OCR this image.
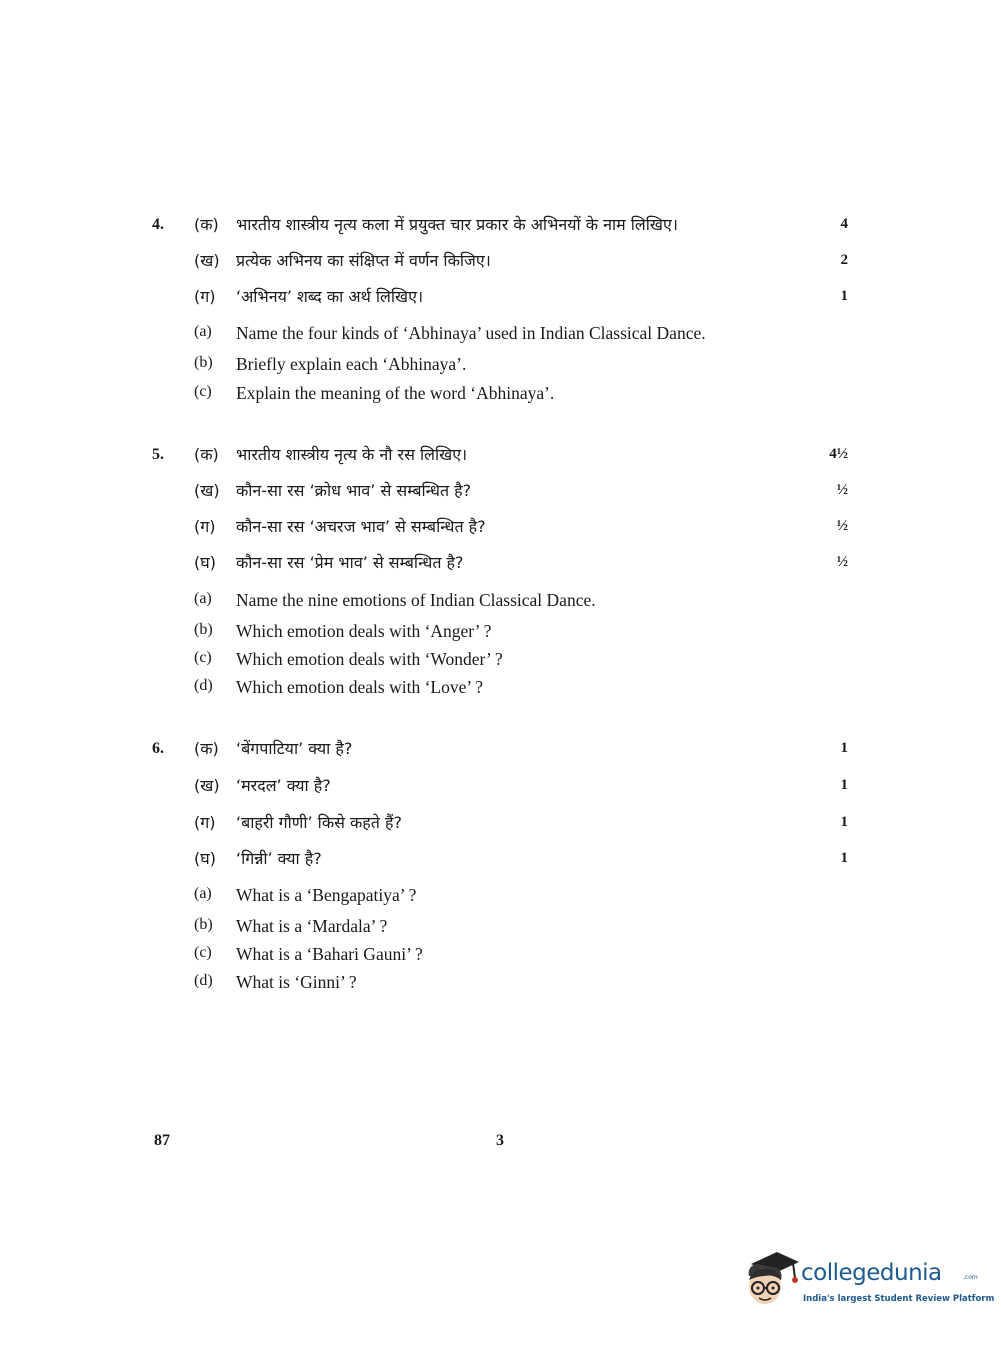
4. (क) भारतीय शास्त्रीय नृत्य कला में प्रयुक्त चार प्रकार के अभिनयों के नाम लिखिए।	4
(ख) प्रत्येक अभिनय का संक्षिप्त में वर्णन किजिए।	2
(ग) ‘अभिनय’ शब्द का अर्थ लिखिए।	1
(a) Name the four kinds of ‘Abhinaya’ used in Indian Classical Dance.
(b) Briefly explain each ‘Abhinaya’.
(c) Explain the meaning of the word ‘Abhinaya’.
5. (क) भारतीय शास्त्रीय नृत्य के नौ रस लिखिए।	4½
(ख) कौन-सा रस ‘क्रोध भाव’ से सम्बन्धित है?	½
(ग) कौन-सा रस ‘अचरज भाव’ से सम्बन्धित है?	½
(घ) कौन-सा रस ‘प्रेम भाव’ से सम्बन्धित है?	½
(a) Name the nine emotions of Indian Classical Dance.
(b) Which emotion deals with ‘Anger’ ?
(c) Which emotion deals with ‘Wonder’ ?
(d) Which emotion deals with ‘Love’ ?
6. (क) ‘बेंगपाटिया’ क्या है?	1
(ख) ‘मरदल’ क्या है?	1
(ग) ‘बाहरी गौणी’ किसे कहते हैं?	1
(घ) ‘गिन्नी’ क्या है?	1
(a) What is a ‘Bengapatiya’ ?
(b) What is a ‘Mardala’ ?
(c) What is a ‘Bahari Gauni’ ?
(d) What is ‘Ginni’ ?
87	3
collegedunia	.com
India's largest Student Review Platform
